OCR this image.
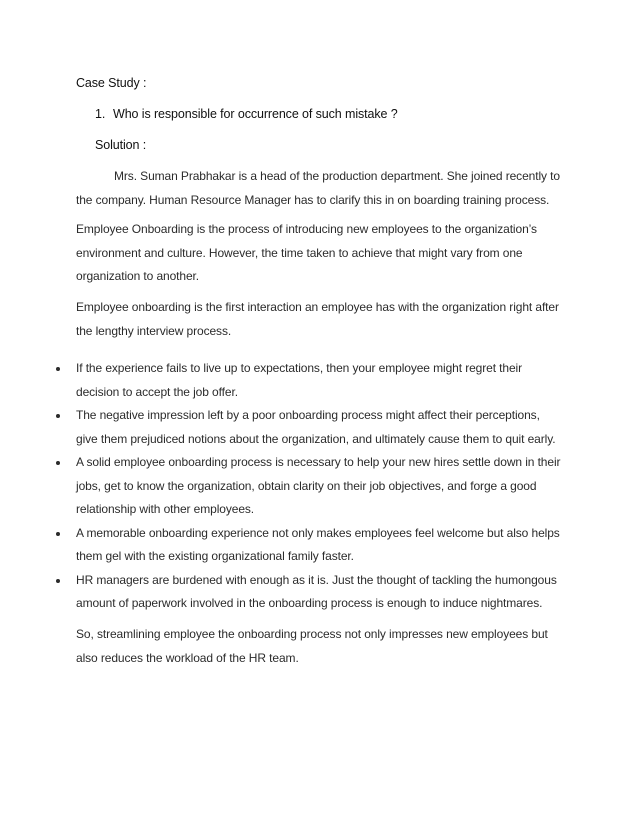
Case Study :
1. Who is responsible for occurrence of such mistake ?
Solution :

Mrs. Suman Prabhakar is a head of the production department. She joined recently to the company. Human Resource Manager has to clarify this in on boarding training process.

Employee Onboarding is the process of introducing new employees to the organization’s environment and culture. However, the time taken to achieve that might vary from one organization to another.

Employee onboarding is the first interaction an employee has with the organization right after the lengthy interview process.

If the experience fails to live up to expectations, then your employee might regret their decision to accept the job offer.
The negative impression left by a poor onboarding process might affect their perceptions, give them prejudiced notions about the organization, and ultimately cause them to quit early.
A solid employee onboarding process is necessary to help your new hires settle down in their jobs, get to know the organization, obtain clarity on their job objectives, and forge a good relationship with other employees.
A memorable onboarding experience not only makes employees feel welcome but also helps them gel with the existing organizational family faster.
HR managers are burdened with enough as it is. Just the thought of tackling the humongous amount of paperwork involved in the onboarding process is enough to induce nightmares.

So, streamlining employee the onboarding process not only impresses new employees but also reduces the workload of the HR team.
